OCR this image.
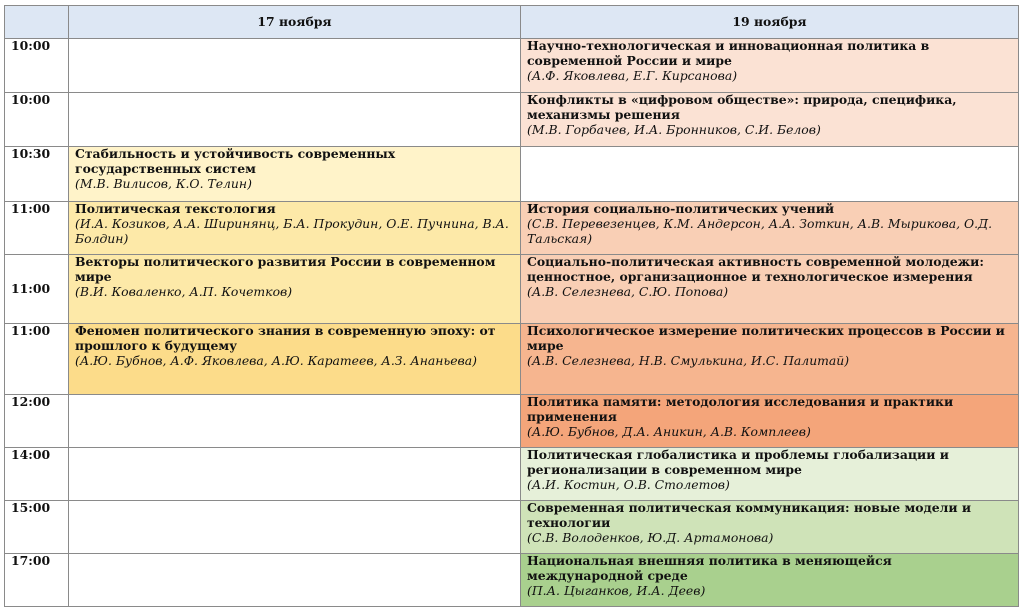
	17 ноября	19 ноября
10:00		Научно-технологическая и инновационная политика в современной России и мире
(А.Ф. Яковлева, Е.Г. Кирсанова)

10:00		Конфликты в «цифровом обществе»: природа, специфика, механизмы решения
(М.В. Горбачев, И.А. Бронников, С.И. Белов)

10:30	Стабильность и устойчивость современных государственных систем
(М.В. Вилисов, К.О. Телин)	

11:00	Политическая текстология
(И.А. Козиков, А.А. Ширинянц, Б.А. Прокудин, О.Е. Пучнина, В.А. Болдин)	История социально-политических учений
(С.В. Перевезенцев, К.М. Андерсон, А.А. Зоткин, А.В. Мырикова, О.Д. Тальская)

11:00	Векторы политического развития России в современном мире
(В.И. Коваленко, А.П. Кочетков)	Социально-политическая активность современной молодежи: ценностное, организационное и технологическое измерения
(А.В. Селезнева, С.Ю. Попова)

11:00	Феномен политического знания в современную эпоху: от прошлого к будущему
(А.Ю. Бубнов, А.Ф. Яковлева, А.Ю. Каратеев, А.З. Ананьева)	Психологическое измерение политических процессов в России и мире
(А.В. Селезнева, Н.В. Смулькина, И.С. Палитай)

12:00		Политика памяти: методология исследования и практики применения
(А.Ю. Бубнов, Д.А. Аникин, А.В. Комплеев)

14:00		Политическая глобалистика и проблемы глобализации и регионализации в современном мире
(А.И. Костин, О.В. Столетов)

15:00		Современная политическая коммуникация: новые модели и технологии
(С.В. Володенков, Ю.Д. Артамонова)

17:00		Национальная внешняя политика в меняющейся международной среде
(П.А. Цыганков, И.А. Деев)
